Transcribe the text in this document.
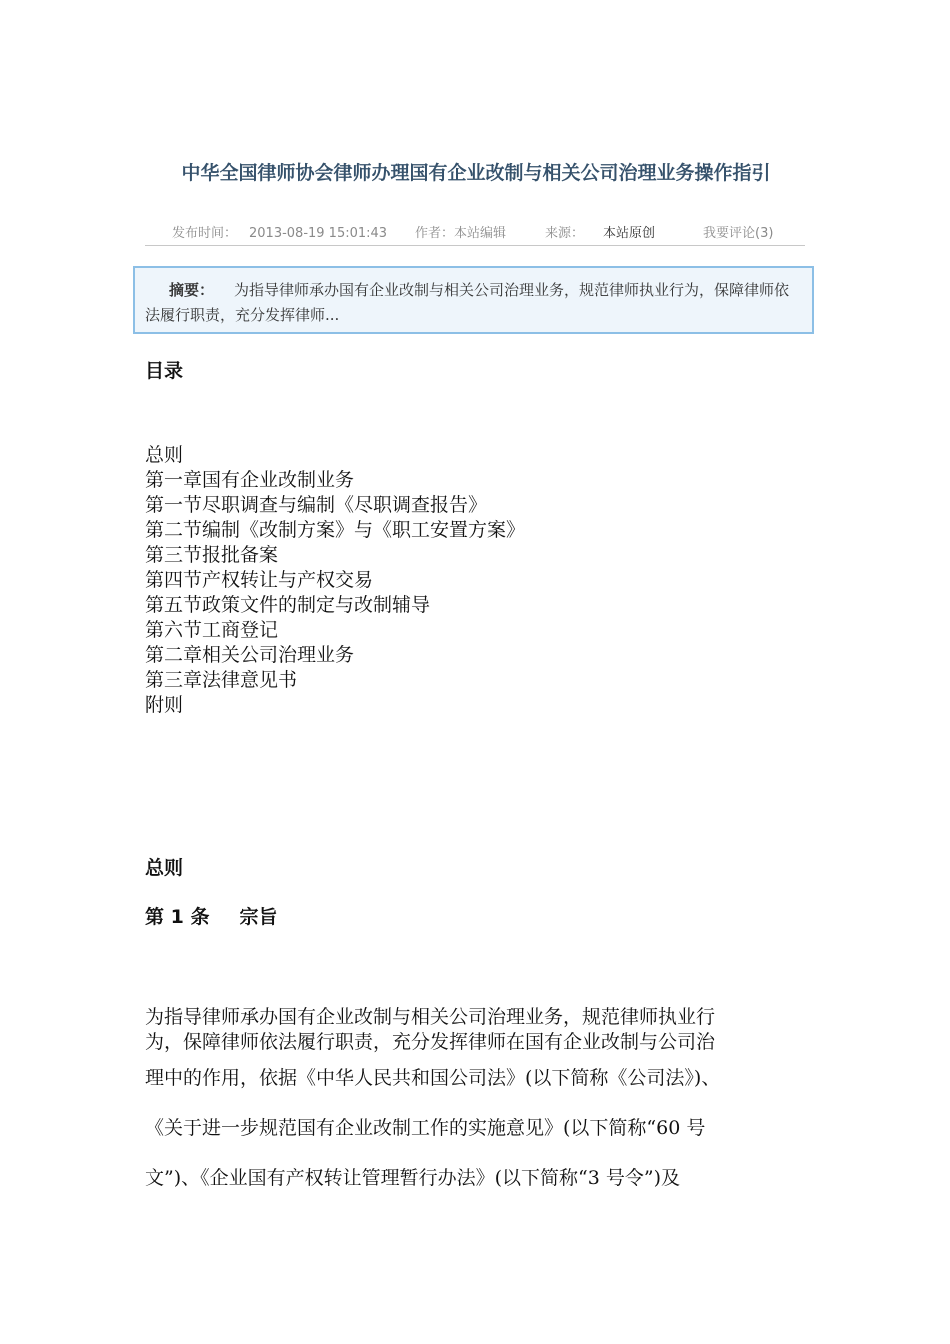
中华全国律师协会律师办理国有企业改制与相关公司治理业务操作指引
发布时间： 2013-08-19 15:01:43 作者：本站编辑	来源： 本站原创	我要评论(3)
摘要： 为指导律师承办国有企业改制与相关公司治理业务，规范律师执业行为，保障律师依法履行职责，充分发挥律师...
目录
总则
第一章国有企业改制业务
第一节尽职调查与编制《尽职调查报告》
第二节编制《改制方案》与《职工安置方案》
第三节报批备案
第四节产权转让与产权交易
第五节政策文件的制定与改制辅导
第六节工商登记
第二章相关公司治理业务
第三章法律意见书
附则
总则
第 1 条 宗旨

为指导律师承办国有企业改制与相关公司治理业务，规范律师执业行

为，保障律师依法履行职责，充分发挥律师在国有企业改制与公司治

理中的作用，依据《中华人民共和国公司法》(以下简称《公司法》)、

《关于进一步规范国有企业改制工作的实施意见》(以下简称“60 号

文”)、《企业国有产权转让管理暂行办法》(以下简称“3 号令”)及
